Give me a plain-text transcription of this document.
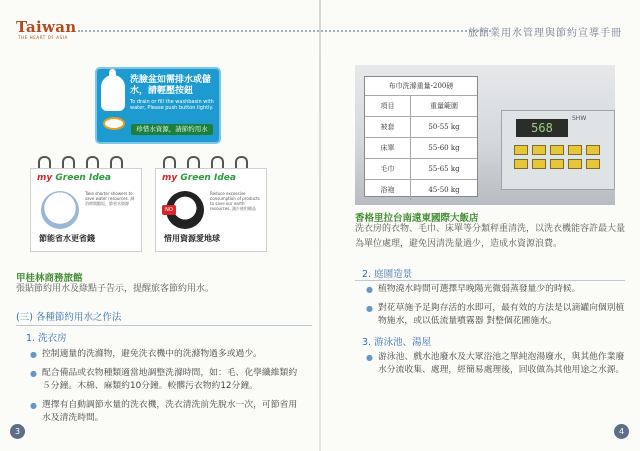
Taiwan
THE HEART OF ASIA
洗臉盆如需排水或儲水，請輕壓按鈕
To drain or fill the washbasin with water, Please push button lightly.
珍惜水資源，請節約用水
my Green Idea
Take shorter showers to save water resources. 淋浴時間縮短，節省水資源
節能省水更省錢
my Green Idea
NO
Reduce excessive consumption of products to save our earth resources. 減少使用備品
惜用資源愛地球
甲桂林商務旅館
張貼節約用水及綠點子告示，提醒旅客節約用水。
(三) 各種節約用水之作法
1. 洗衣房
● 控制適量的洗滌物，避免洗衣機中的洗滌物過多或過少。
● 配合備品或衣物種類適當地調整洗滌時間，如：毛、化學纖維類約５分鐘。木棉、麻類約10分鐘。較髒污衣物約12分鐘。
● 選擇有自動調節水量的洗衣機，洗衣清洗前先脫水一次，可節省用水及清洗時間。
3
旅館業用水管理與節約宣導手冊
SHW
568
布巾洗滌重量-200磅
項目	重量範圍
被套	50-55 kg
床單	55-60 kg
毛巾	55-65 kg
浴袍	45-50 kg
香格里拉台南遠東國際大飯店
洗衣房的衣物、毛巾、床單等分類秤重清洗，以洗衣機能容許最大量為單位處理，避免因清洗量過少，造成水資源浪費。
2. 庭園造景
● 植物澆水時間可選擇早晚陽光微弱蒸發量少的時候。
● 對花草施予足夠存活的水即可，最有效的方法是以滴罐向個別植物施水，或以低流量噴霧器 對整個花圃施水。
3. 游泳池、湯屋
● 游泳池、戲水池廢水及大眾浴池之單純泡湯廢水，與其他作業廢水分流收集、處理，經簡易處理後，回收做為其他用途之水源。
4
